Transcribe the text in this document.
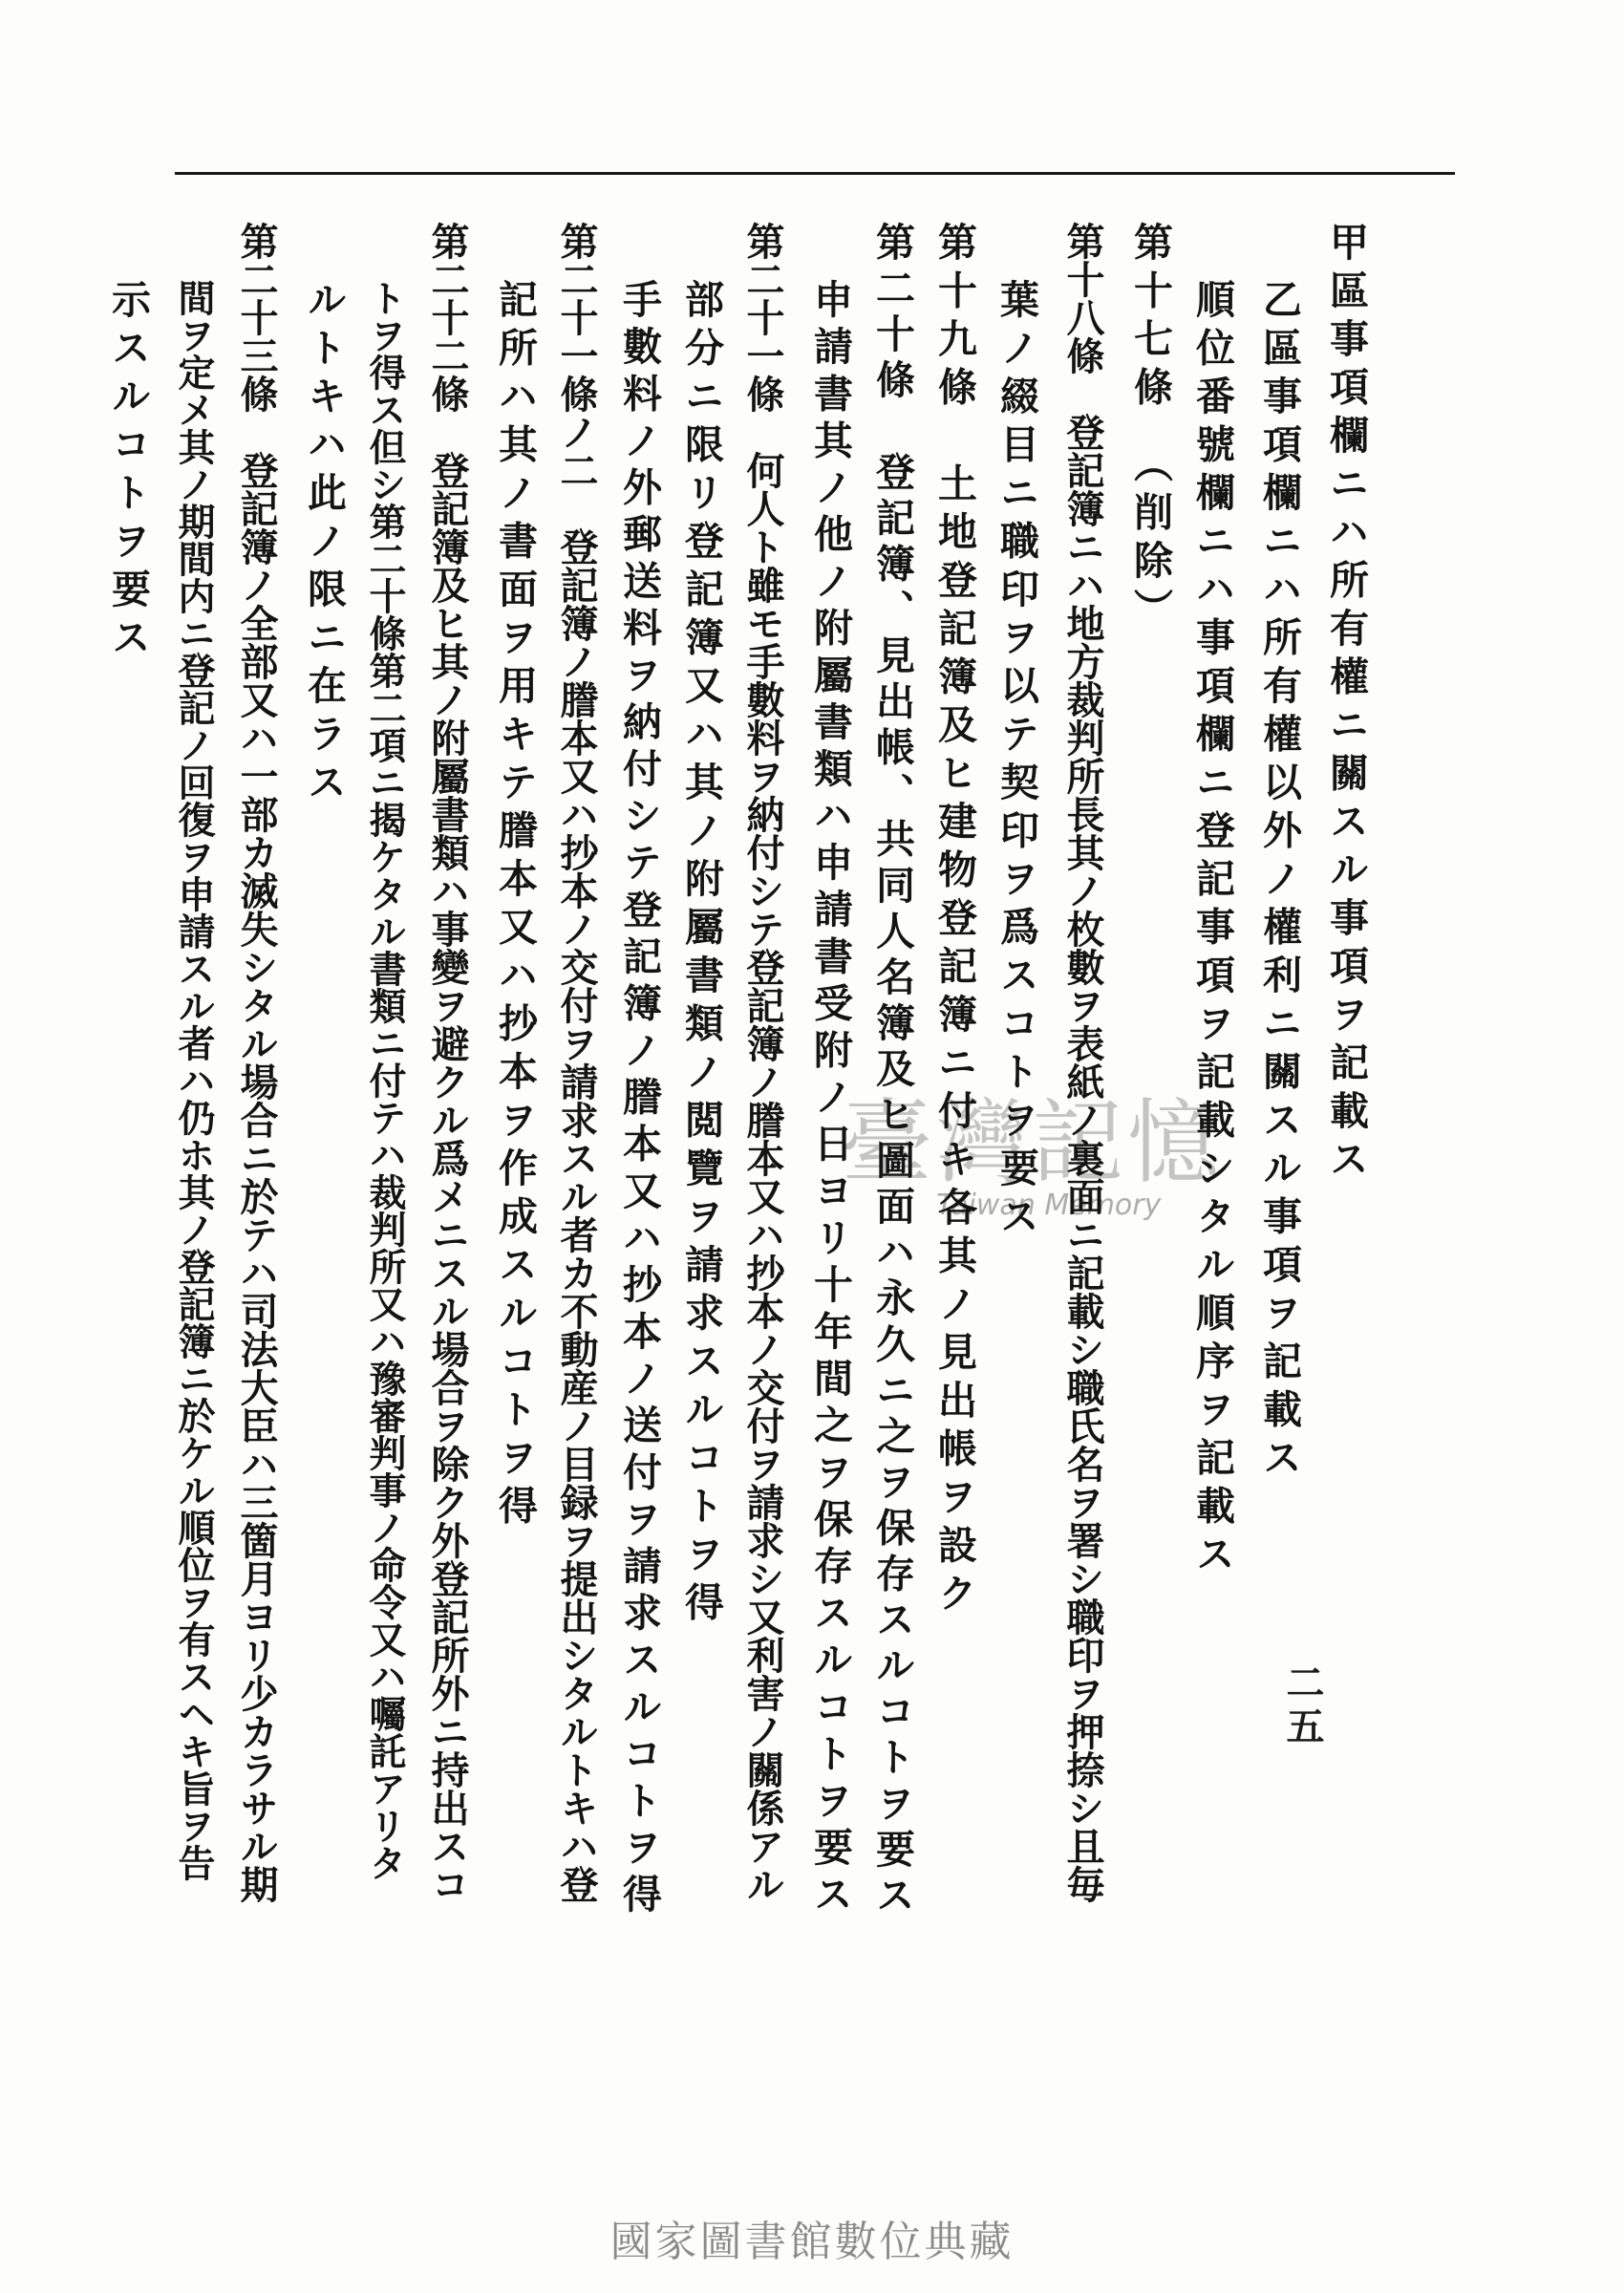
二五
臺灣記憶
Taiwan Memory
國家圖書館數位典藏
甲區事項欄ニハ所有權ニ關スル事項ヲ記載ス
乙區事項欄ニハ所有權以外ノ權利ニ關スル事項ヲ記載ス
順位番號欄ニハ事項欄ニ登記事項ヲ記載シタル順序ヲ記載ス
第十七條　（削除）
第十八條　登記簿ニハ地方裁判所長其ノ枚數ヲ表紙ノ裏面ニ記載シ職氏名ヲ署シ職印ヲ押捺シ且毎
葉ノ綴目ニ職印ヲ以テ契印ヲ爲スコトヲ要ス
第十九條　土地登記簿及ヒ建物登記簿ニ付キ各其ノ見出帳ヲ設ク
第二十條　登記簿、見出帳、共同人名簿及ヒ圖面ハ永久ニ之ヲ保存スルコトヲ要ス
申請書其ノ他ノ附屬書類ハ申請書受附ノ日ヨリ十年間之ヲ保存スルコトヲ要ス
第二十一條　何人ト雖モ手數料ヲ納付シテ登記簿ノ謄本又ハ抄本ノ交付ヲ請求シ又利害ノ關係アル
部分ニ限リ登記簿又ハ其ノ附屬書類ノ閲覽ヲ請求スルコトヲ得
手數料ノ外郵送料ヲ納付シテ登記簿ノ謄本又ハ抄本ノ送付ヲ請求スルコトヲ得
第二十一條ノ二　登記簿ノ謄本又ハ抄本ノ交付ヲ請求スル者カ不動産ノ目録ヲ提出シタルトキハ登
記所ハ其ノ書面ヲ用キテ謄本又ハ抄本ヲ作成スルコトヲ得
第二十二條　登記簿及ヒ其ノ附屬書類ハ事變ヲ避クル爲メニスル場合ヲ除ク外登記所外ニ持出スコ
トヲ得ス但シ第二十條第二項ニ揭ケタル書類ニ付テハ裁判所又ハ豫審判事ノ命令又ハ囑託アリタ
ルトキハ此ノ限ニ在ラス
第二十三條　登記簿ノ全部又ハ一部カ滅失シタル場合ニ於テハ司法大臣ハ三箇月ヨリ少カラサル期
間ヲ定メ其ノ期間内ニ登記ノ回復ヲ申請スル者ハ仍ホ其ノ登記簿ニ於ケル順位ヲ有スヘキ旨ヲ告
示スルコトヲ要ス
